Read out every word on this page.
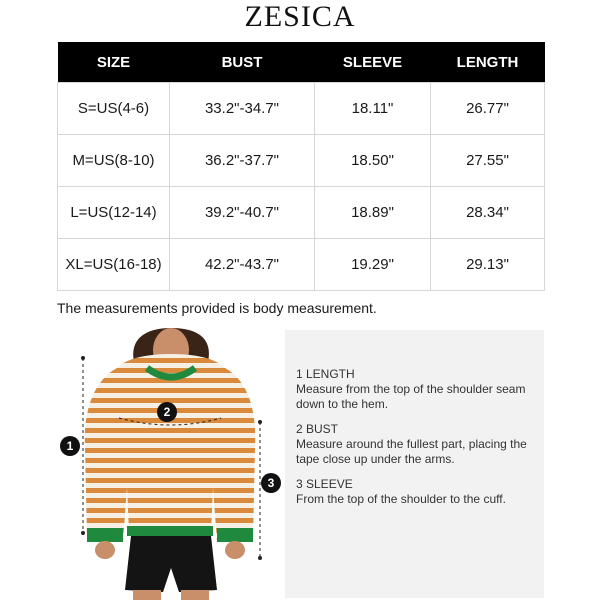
ZESICA
SIZE	BUST	SLEEVE	LENGTH
S=US(4-6)	33.2"-34.7"	18.11"	26.77"
M=US(8-10)	36.2"-37.7"	18.50"	27.55"
L=US(12-14)	39.2"-40.7"	18.89"	28.34"
XL=US(16-18)	42.2"-43.7"	19.29"	29.13"
The measurements provided is body measurement.
1
2
3
1 LENGTH
Measure from the top of the shoulder seam down to the hem.
2 BUST
Measure around the fullest part, placing the tape close up under the arms.
3 SLEEVE
From the top of the shoulder to the cuff.
